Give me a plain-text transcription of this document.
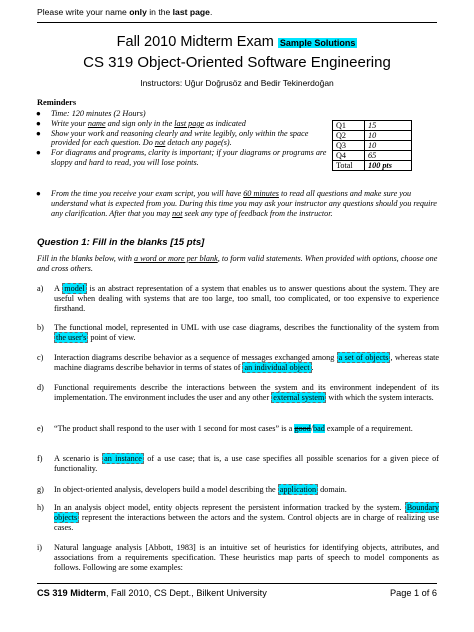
Please write your name only in the last page.
Fall 2010 Midterm Exam Sample Solutions
CS 319 Object-Oriented Software Engineering
Instructors: Uğur Doğrusöz and Bedir Tekinerdoğan
Reminders
● Time: 120 minutes (2 Hours)
● Write your name and sign only in the last page as indicated
● Show your work and reasoning clearly and write legibly, only within the space provided for each question. Do not detach any page(s).
● For diagrams and programs, clarity is important; if your diagrams or programs are sloppy and hard to read, you will lose points.
● From the time you receive your exam script, you will have 60 minutes to read all questions and make sure you understand what is expected from you. During this time you may ask your instructor any questions should you require any clarification. After that you may not seek any type of feedback from the instructor.
Q1	15
Q2	10
Q3	10
Q4	65
Total	100 pts
Question 1: Fill in the blanks [15 pts]
Fill in the blanks below, with a word or more per blank, to form valid statements. When provided with options, choose one and cross others.
a) A model is an abstract representation of a system that enables us to answer questions about the system. They are useful when dealing with systems that are too large, too small, too complicated, or too expensive to experience firsthand.
b) The functional model, represented in UML with use case diagrams, describes the functionality of the system from the user's point of view.
c) Interaction diagrams describe behavior as a sequence of messages exchanged among a set of objects , whereas state machine diagrams describe behavior in terms of states of an individual object .
d) Functional requirements describe the interactions between the system and its environment independent of its implementation. The environment includes the user and any other external system with which the system interacts.
e) “The product shall respond to the user with 1 second for most cases” is a good/bad example of a requirement.
f) A scenario is an instance of a use case; that is, a use case specifies all possible scenarios for a given piece of functionality.
g) In object-oriented analysis, developers build a model describing the application domain.
h) In an analysis object model, entity objects represent the persistent information tracked by the system. Boundary objects represent the interactions between the actors and the system. Control objects are in charge of realizing use cases.
i) Natural language analysis [Abbott, 1983] is an intuitive set of heuristics for identifying objects, attributes, and associations from a requirements specification. These heuristics map parts of speech to model components as follows. Following are some examples:
CS 319 Midterm, Fall 2010, CS Dept., Bilkent University	Page 1 of 6
